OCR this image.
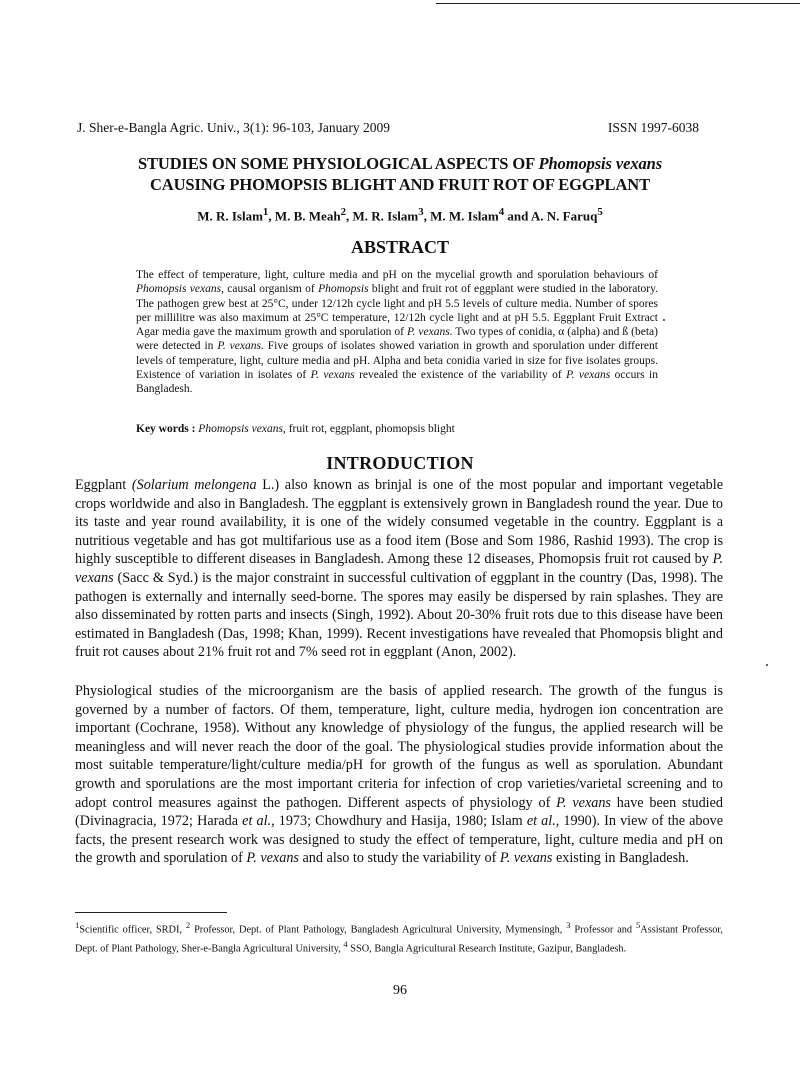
J. Sher-e-Bangla Agric. Univ., 3(1): 96-103, January 2009	ISSN 1997-6038
STUDIES ON SOME PHYSIOLOGICAL ASPECTS OF Phomopsis vexans
CAUSING PHOMOPSIS BLIGHT AND FRUIT ROT OF EGGPLANT
M. R. Islam$^1$, M. B. Meah$^2$, M. R. Islam$^3$, M. M. Islam$^4$ and A. N. Faruq$^5$
ABSTRACT
The effect of temperature, light, culture media and pH on the mycelial growth and sporulation behaviours of Phomopsis vexans, causal organism of Phomopsis blight and fruit rot of eggplant were studied in the laboratory. The pathogen grew best at 25°C, under 12/12h cycle light and pH 5.5 levels of culture media. Number of spores per millilitre was also maximum at 25°C temperature, 12/12h cycle light and at pH 5.5. Eggplant Fruit Extract Agar media gave the maximum growth and sporulation of P. vexans. Two types of conidia, α (alpha) and ß (beta) were detected in P. vexans. Five groups of isolates showed variation in growth and sporulation under different levels of temperature, light, culture media and pH. Alpha and beta conidia varied in size for five isolates groups. Existence of variation in isolates of P. vexans revealed the existence of the variability of P. vexans occurs in Bangladesh.
Key words : Phomopsis vexans, fruit rot, eggplant, phomopsis blight
INTRODUCTION
Eggplant (Solarium melongena L.) also known as brinjal is one of the most popular and important vegetable crops worldwide and also in Bangladesh. The eggplant is extensively grown in Bangladesh round the year. Due to its taste and year round availability, it is one of the widely consumed vegetable in the country. Eggplant is a nutritious vegetable and has got multifarious use as a food item (Bose and Som 1986, Rashid 1993). The crop is highly susceptible to different diseases in Bangladesh. Among these 12 diseases, Phomopsis fruit rot caused by P. vexans (Sacc & Syd.) is the major constraint in successful cultivation of eggplant in the country (Das, 1998). The pathogen is externally and internally seed-borne. The spores may easily be dispersed by rain splashes. They are also disseminated by rotten parts and insects (Singh, 1992). About 20-30% fruit rots due to this disease have been estimated in Bangladesh (Das, 1998; Khan, 1999). Recent investigations have revealed that Phomopsis blight and fruit rot causes about 21% fruit rot and 7% seed rot in eggplant (Anon, 2002).
Physiological studies of the microorganism are the basis of applied research. The growth of the fungus is governed by a number of factors. Of them, temperature, light, culture media, hydrogen ion concentration are important (Cochrane, 1958). Without any knowledge of physiology of the fungus, the applied research will be meaningless and will never reach the door of the goal. The physiological studies provide information about the most suitable temperature/light/culture media/pH for growth of the fungus as well as sporulation. Abundant growth and sporulations are the most important criteria for infection of crop varieties/varietal screening and to adopt control measures against the pathogen. Different aspects of physiology of P. vexans have been studied (Divinagracia, 1972; Harada et al., 1973; Chowdhury and Hasija, 1980; Islam et al., 1990). In view of the above facts, the present research work was designed to study the effect of temperature, light, culture media and pH on the growth and sporulation of P. vexans and also to study the variability of P. vexans existing in Bangladesh.
$^1$Scientific officer, SRDI, $^2$ Professor, Dept. of Plant Pathology, Bangladesh Agricultural University, Mymensingh, $^3$ Professor and $^5$Assistant Professor, Dept. of Plant Pathology, Sher-e-Bangla Agricultural University, $^4$ SSO, Bangla Agricultural Research Institute, Gazipur, Bangladesh.
96
